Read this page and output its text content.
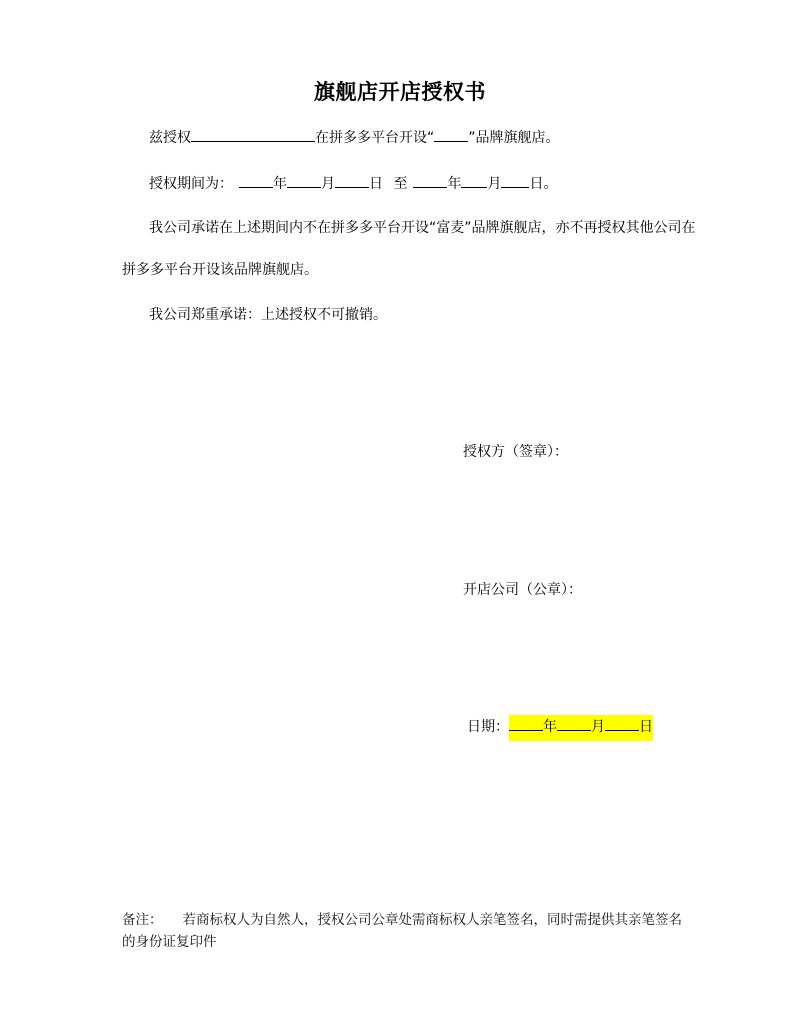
旗舰店开店授权书
兹授权	在拼多多平台开设“ ”品牌旗舰店。
授权期间为：	年 月 日 至	年 月 日。
我公司承诺在上述期间内不在拼多多平台开设“富麦”品牌旗舰店，亦不再授权其他公司在
拼多多平台开设该品牌旗舰店。
我公司郑重承诺：上述授权不可撤销。
授权方（签章）：
开店公司（公章）：
日期： 年 月 日
备注： 若商标权人为自然人，授权公司公章处需商标权人亲笔签名，同时需提供其亲笔签名的身份证复印件
